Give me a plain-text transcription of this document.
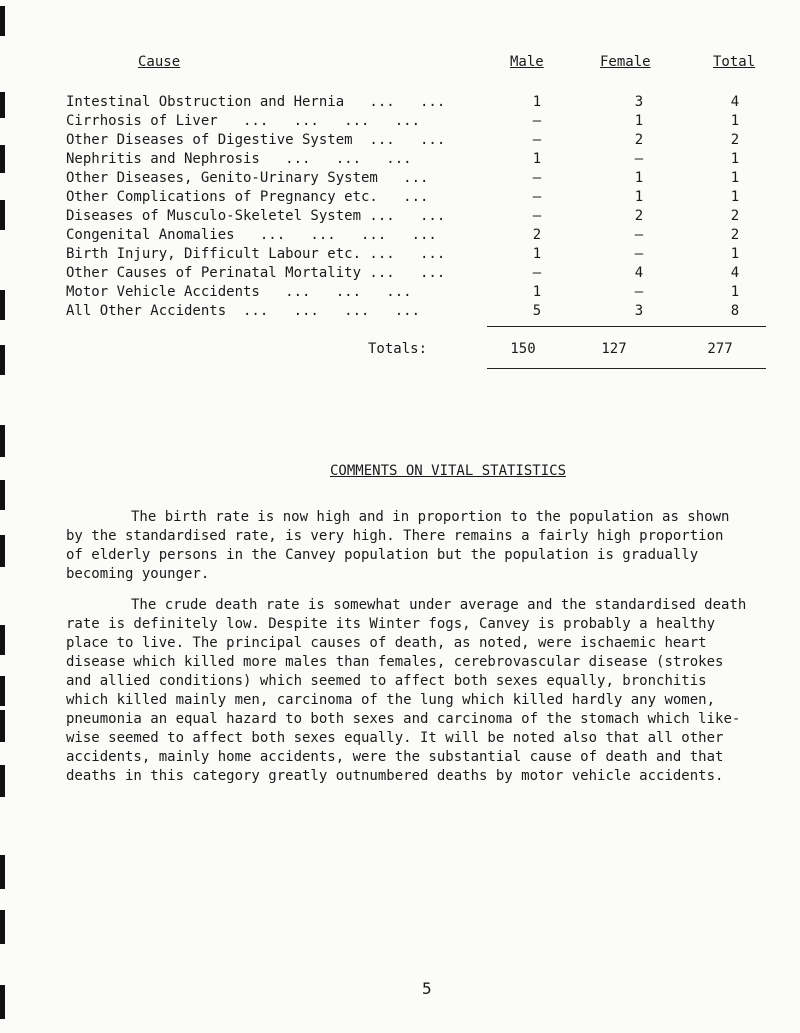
Cause	Male	Female	Total
Intestinal Obstruction and Hernia   ...   ...	1	3	4
Cirrhosis of Liver   ...   ...   ...   ...	–	1	1
Other Diseases of Digestive System  ...   ...	–	2	2
Nephritis and Nephrosis   ...   ...   ...	1	–	1
Other Diseases, Genito-Urinary System   ...	–	1	1
Other Complications of Pregnancy etc.   ...	–	1	1
Diseases of Musculo-Skeletel System ...   ...	–	2	2
Congenital Anomalies   ...   ...   ...   ...	2	–	2
Birth Injury, Difficult Labour etc. ...   ...	1	–	1
Other Causes of Perinatal Mortality ...   ...	–	4	4
Motor Vehicle Accidents   ...   ...   ...	1	–	1
All Other Accidents  ...   ...   ...   ...	5	3	8
Totals:	150	127	277
COMMENTS ON VITAL STATISTICS

The birth rate is now high and in proportion to the population as shown
by the standardised rate, is very high. There remains a fairly high proportion
of elderly persons in the Canvey population but the population is gradually
becoming younger.

The crude death rate is somewhat under average and the standardised death
rate is definitely low. Despite its Winter fogs, Canvey is probably a healthy
place to live. The principal causes of death, as noted, were ischaemic heart
disease which killed more males than females, cerebrovascular disease (strokes
and allied conditions) which seemed to affect both sexes equally, bronchitis
which killed mainly men, carcinoma of the lung which killed hardly any women,
pneumonia an equal hazard to both sexes and carcinoma of the stomach which like-
wise seemed to affect both sexes equally. It will be noted also that all other
accidents, mainly home accidents, were the substantial cause of death and that
deaths in this category greatly outnumbered deaths by motor vehicle accidents.

5
